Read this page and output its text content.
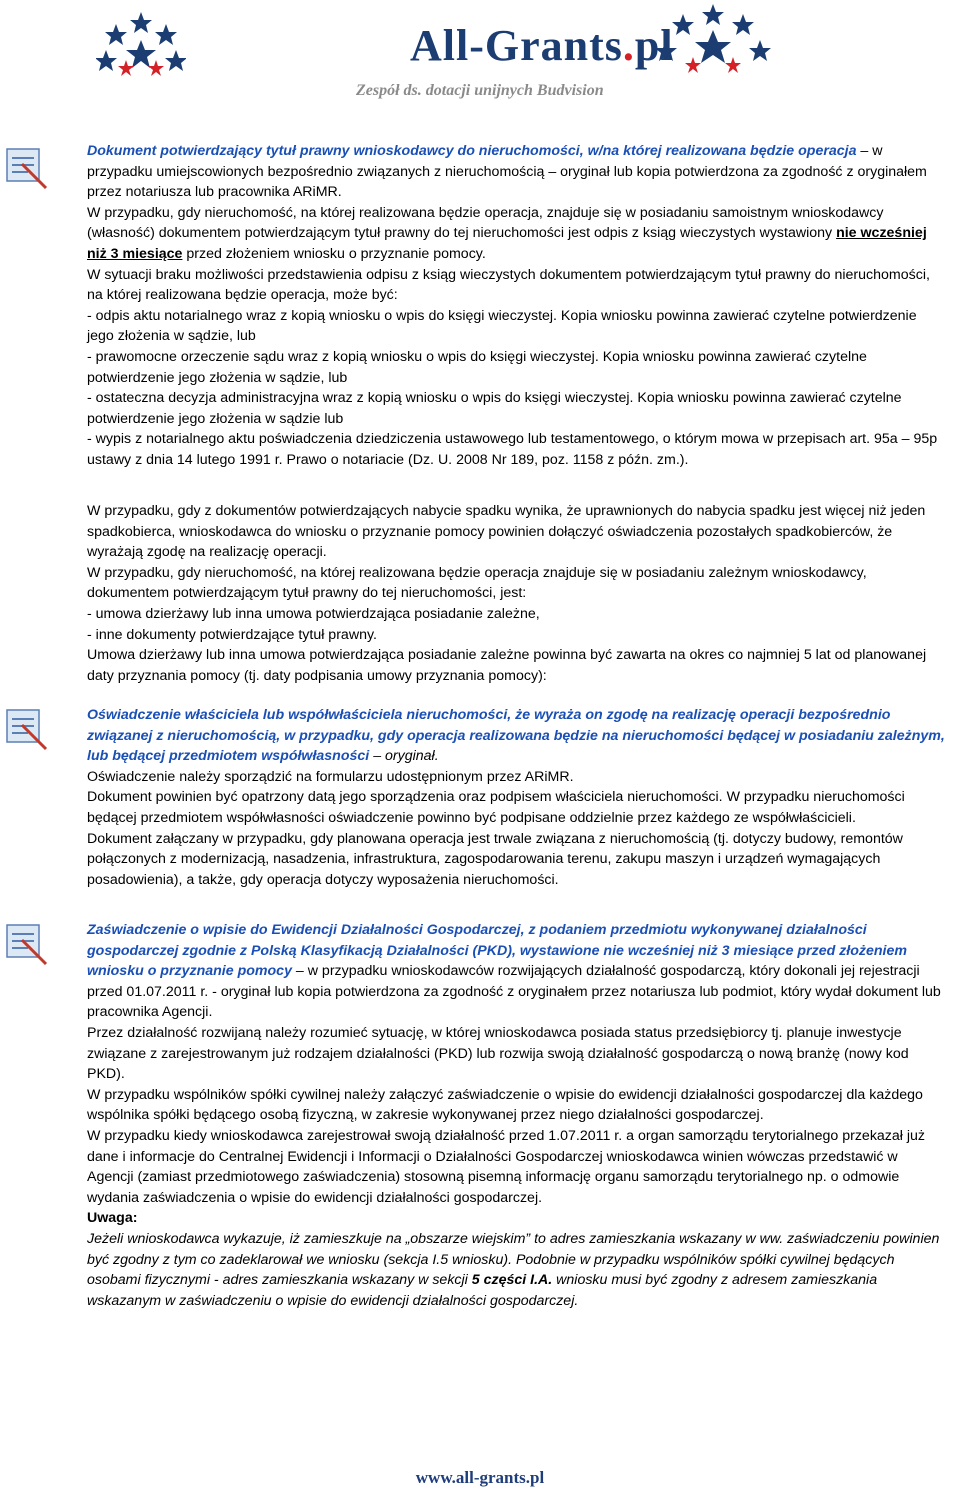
All-Grants.pl
Zespół ds. dotacji unijnych Budvision

Dokument potwierdzający tytuł prawny wnioskodawcy do nieruchomości, w/na której realizowana będzie operacja – w przypadku umiejscowionych bezpośrednio związanych z nieruchomością – oryginał lub kopia potwierdzona za zgodność z oryginałem przez notariusza lub pracownika ARiMR.

W przypadku, gdy nieruchomość, na której realizowana będzie operacja, znajduje się w posiadaniu samoistnym wnioskodawcy (własność) dokumentem potwierdzającym tytuł prawny do tej nieruchomości jest odpis z ksiąg wieczystych wystawiony nie wcześniej niż 3 miesiące przed złożeniem wniosku o przyznanie pomocy.

W sytuacji braku możliwości przedstawienia odpisu z ksiąg wieczystych dokumentem potwierdzającym tytuł prawny do nieruchomości, na której realizowana będzie operacja, może być:

- odpis aktu notarialnego wraz z kopią wniosku o wpis do księgi wieczystej. Kopia wniosku powinna zawierać czytelne potwierdzenie jego złożenia w sądzie, lub

- prawomocne orzeczenie sądu wraz z kopią wniosku o wpis do księgi wieczystej. Kopia wniosku powinna zawierać czytelne potwierdzenie jego złożenia w sądzie, lub

- ostateczna decyzja administracyjna wraz z kopią wniosku o wpis do księgi wieczystej. Kopia wniosku powinna zawierać czytelne potwierdzenie jego złożenia w sądzie lub

- wypis z notarialnego aktu poświadczenia dziedziczenia ustawowego lub testamentowego, o którym mowa w przepisach art. 95a – 95p ustawy z dnia 14 lutego 1991 r. Prawo o notariacie (Dz. U. 2008 Nr 189, poz. 1158 z późn. zm.).

W przypadku, gdy z dokumentów potwierdzających nabycie spadku wynika, że uprawnionych do nabycia spadku jest więcej niż jeden spadkobierca, wnioskodawca do wniosku o przyznanie pomocy powinien dołączyć oświadczenia pozostałych spadkobierców, że wyrażają zgodę na realizację operacji.

W przypadku, gdy nieruchomość, na której realizowana będzie operacja znajduje się w posiadaniu zależnym wnioskodawcy, dokumentem potwierdzającym tytuł prawny do tej nieruchomości, jest:

- umowa dzierżawy lub inna umowa potwierdzająca posiadanie zależne,

- inne dokumenty potwierdzające tytuł prawny.

Umowa dzierżawy lub inna umowa potwierdzająca posiadanie zależne powinna być zawarta na okres co najmniej 5 lat od planowanej daty przyznania pomocy (tj. daty podpisania umowy przyznania pomocy):

Oświadczenie właściciela lub współwłaściciela nieruchomości, że wyraża on zgodę na realizację operacji bezpośrednio związanej z nieruchomością, w przypadku, gdy operacja realizowana będzie na nieruchomości będącej w posiadaniu zależnym, lub będącej przedmiotem współwłasności – oryginał.

Oświadczenie należy sporządzić na formularzu udostępnionym przez ARiMR.

Dokument powinien być opatrzony datą jego sporządzenia oraz podpisem właściciela nieruchomości. W przypadku nieruchomości będącej przedmiotem współwłasności oświadczenie powinno być podpisane oddzielnie przez każdego ze współwłaścicieli.

Dokument załączany w przypadku, gdy planowana operacja jest trwale związana z nieruchomością (tj. dotyczy budowy, remontów połączonych z modernizacją, nasadzenia, infrastruktura, zagospodarowania terenu, zakupu maszyn i urządzeń wymagających posadowienia), a także, gdy operacja dotyczy wyposażenia nieruchomości.

Zaświadczenie o wpisie do Ewidencji Działalności Gospodarczej, z podaniem przedmiotu wykonywanej działalności gospodarczej zgodnie z Polską Klasyfikacją Działalności (PKD), wystawione nie wcześniej niż 3 miesiące przed złożeniem wniosku o przyznanie pomocy – w przypadku wnioskodawców rozwijających działalność gospodarczą, który dokonali jej rejestracji przed 01.07.2011 r. - oryginał lub kopia potwierdzona za zgodność z oryginałem przez notariusza lub podmiot, który wydał dokument lub pracownika Agencji.

Przez działalność rozwijaną należy rozumieć sytuację, w której wnioskodawca posiada status przedsiębiorcy tj. planuje inwestycje związane z zarejestrowanym już rodzajem działalności (PKD) lub rozwija swoją działalność gospodarczą o nową branżę (nowy kod PKD).

W przypadku wspólników spółki cywilnej należy załączyć zaświadczenie o wpisie do ewidencji działalności gospodarczej dla każdego wspólnika spółki będącego osobą fizyczną, w zakresie wykonywanej przez niego działalności gospodarczej.

W przypadku kiedy wnioskodawca zarejestrował swoją działalność przed 1.07.2011 r. a organ samorządu terytorialnego przekazał już dane i informacje do Centralnej Ewidencji i Informacji o Działalności Gospodarczej wnioskodawca winien wówczas przedstawić w Agencji (zamiast przedmiotowego zaświadczenia) stosowną pisemną informację organu samorządu terytorialnego np. o odmowie wydania zaświadczenia o wpisie do ewidencji działalności gospodarczej.

Uwaga:

Jeżeli wnioskodawca wykazuje, iż zamieszkuje na „obszarze wiejskim” to adres zamieszkania wskazany w ww. zaświadczeniu powinien być zgodny z tym co zadeklarował we wniosku (sekcja I.5 wniosku). Podobnie w przypadku wspólników spółki cywilnej będących osobami fizycznymi - adres zamieszkania wskazany w sekcji 5 części I.A. wniosku musi być zgodny z adresem zamieszkania wskazanym w zaświadczeniu o wpisie do ewidencji działalności gospodarczej.

www.all-grants.pl
